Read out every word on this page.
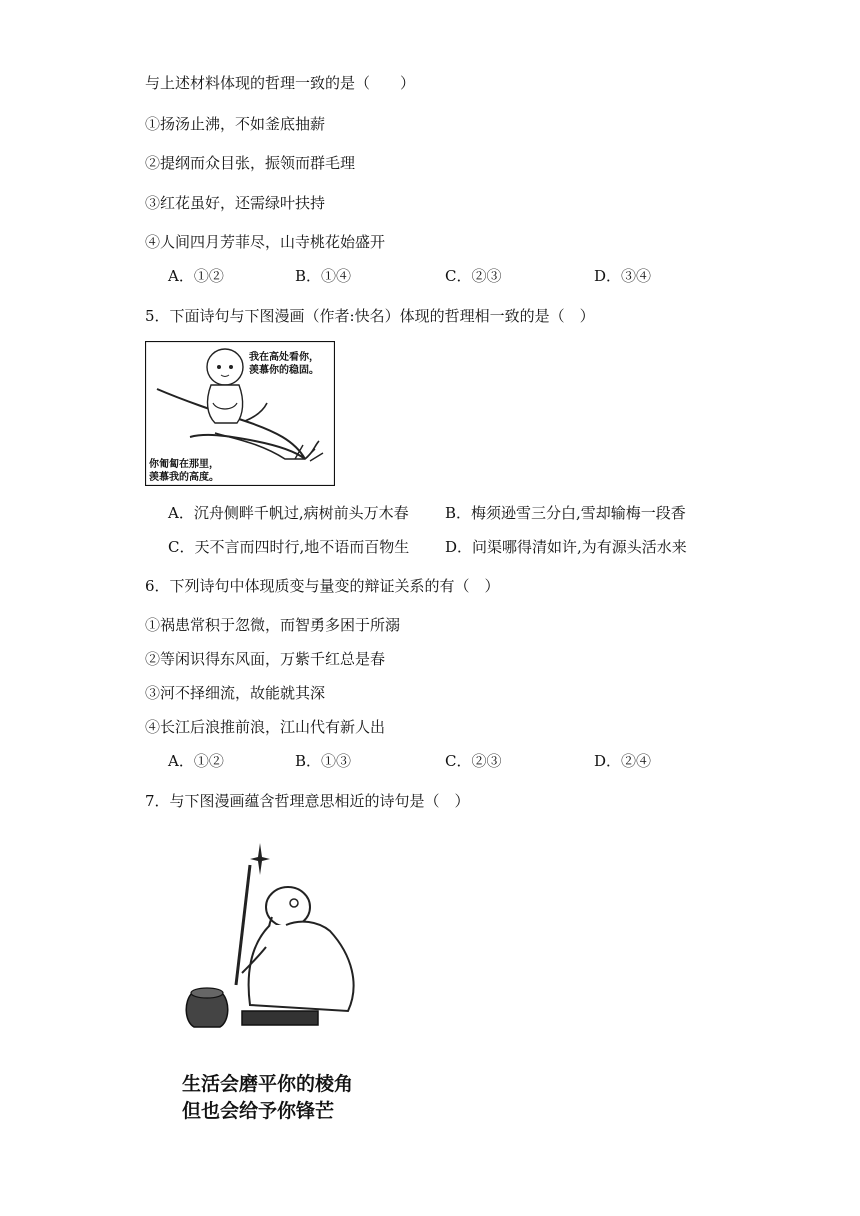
与上述材料体现的哲理一致的是（　　）
①扬汤止沸，不如釜底抽薪
②提纲而众目张，振领而群毛理
③红花虽好，还需绿叶扶持
④人间四月芳菲尽，山寺桃花始盛开
A．①②	B．①④	C．②③	D．③④
5．下面诗句与下图漫画（作者:快名）体现的哲理相一致的是（　）
我在高处看你，
羡慕你的稳固。
你匍匐在那里，
羡慕我的高度。
A．沉舟侧畔千帆过,病树前头万木春 B．梅须逊雪三分白,雪却输梅一段香
C．天不言而四时行,地不语而百物生 D．问渠哪得清如许,为有源头活水来
6．下列诗句中体现质变与量变的辩证关系的有（　）
①祸患常积于忽微，而智勇多困于所溺
②等闲识得东风面，万紫千红总是春
③河不择细流，故能就其深
④长江后浪推前浪，江山代有新人出
A．①②	B．①③	C．②③	D．②④
7．与下图漫画蕴含哲理意思相近的诗句是（　）
生活会磨平你的棱角
但也会给予你锋芒
